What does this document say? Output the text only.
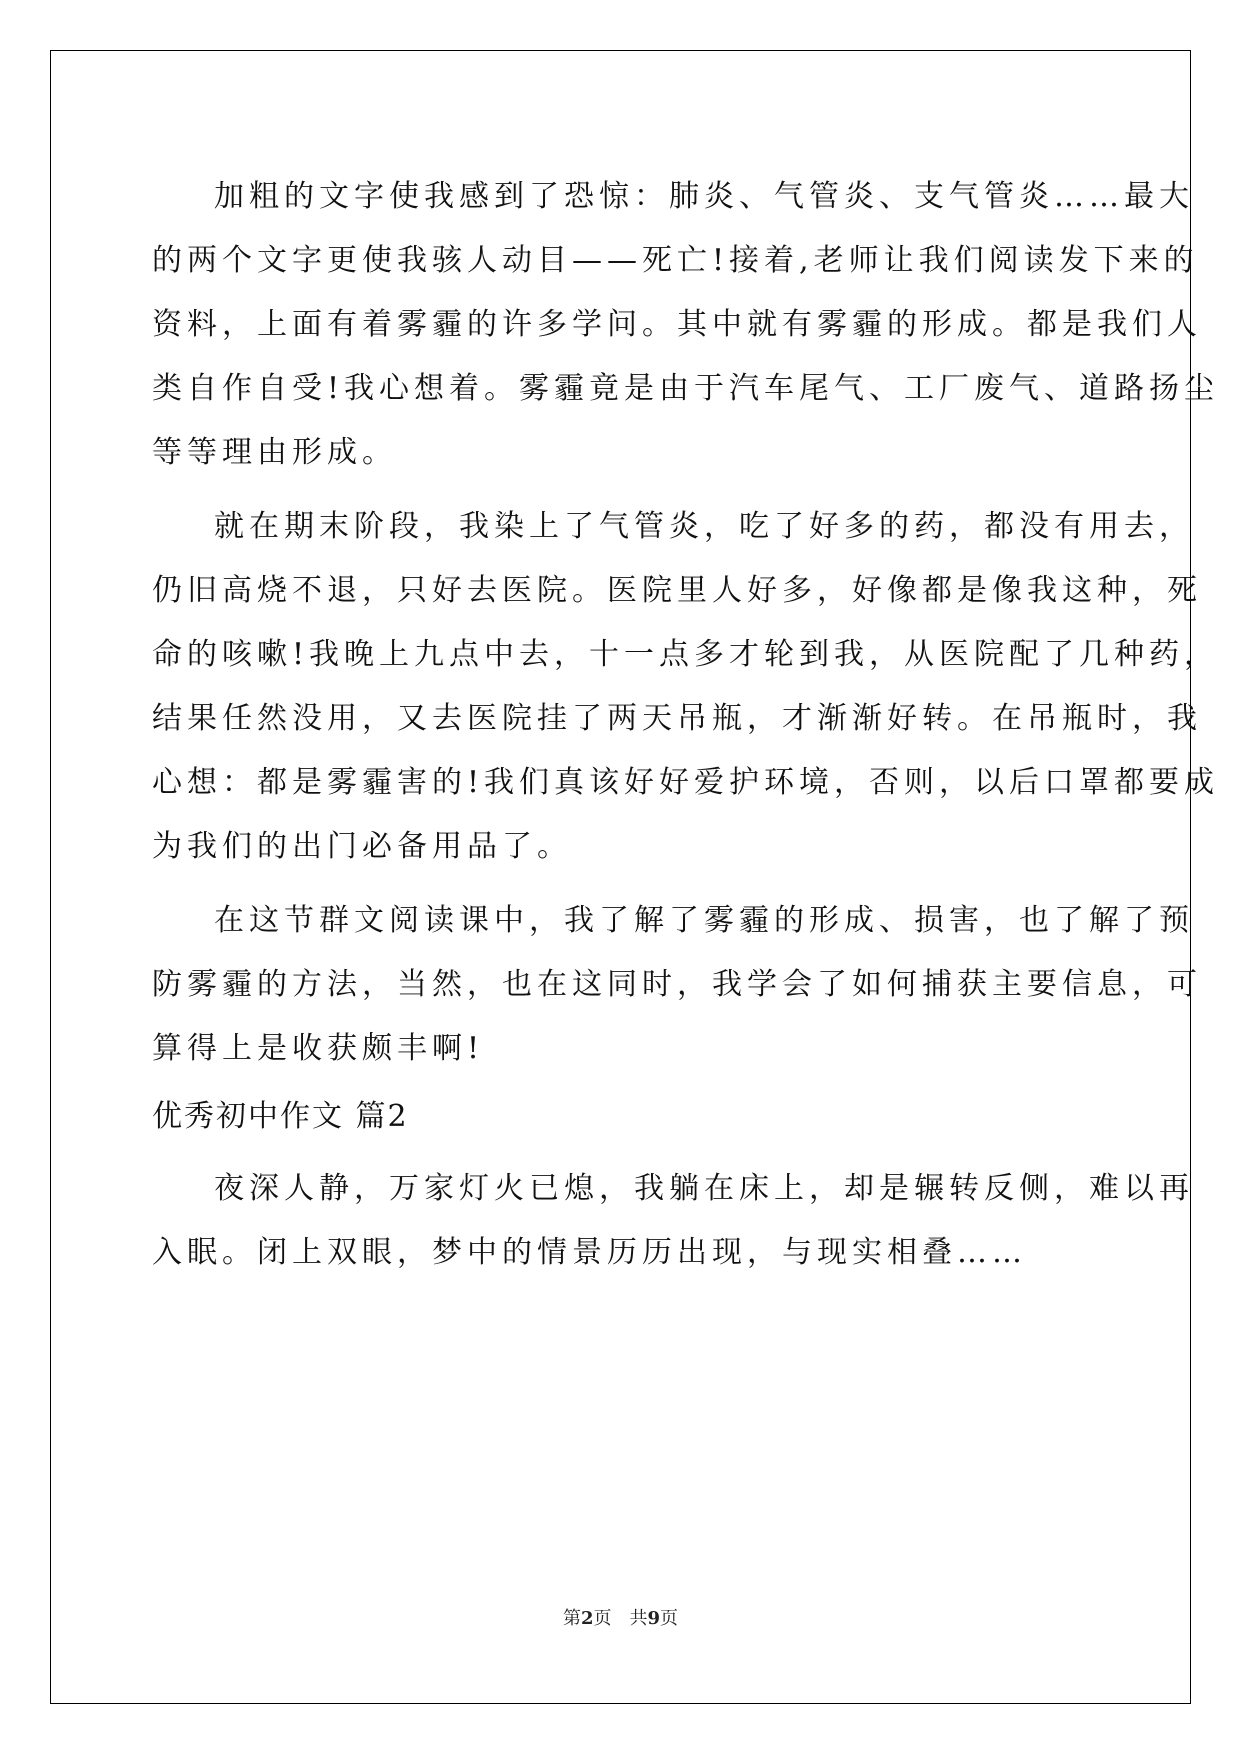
加粗的文字使我感到了恐惊：肺炎、气管炎、支气管炎……最大

的两个文字更使我骇人动目——死亡!接着,老师让我们阅读发下来的

资料，上面有着雾霾的许多学问。其中就有雾霾的形成。都是我们人

类自作自受!我心想着。雾霾竟是由于汽车尾气、工厂废气、道路扬尘

等等理由形成。

就在期末阶段，我染上了气管炎，吃了好多的药，都没有用去，

仍旧高烧不退，只好去医院。医院里人好多，好像都是像我这种，死

命的咳嗽!我晚上九点中去，十一点多才轮到我，从医院配了几种药，

结果任然没用，又去医院挂了两天吊瓶，才渐渐好转。在吊瓶时，我

心想：都是雾霾害的!我们真该好好爱护环境，否则，以后口罩都要成

为我们的出门必备用品了。

在这节群文阅读课中，我了解了雾霾的形成、损害，也了解了预

防雾霾的方法，当然，也在这同时，我学会了如何捕获主要信息，可

算得上是收获颇丰啊!

优秀初中作文 篇2

夜深人静，万家灯火已熄，我躺在床上，却是辗转反侧，难以再

入眠。闭上双眼，梦中的情景历历出现，与现实相叠……

第2页　共9页
